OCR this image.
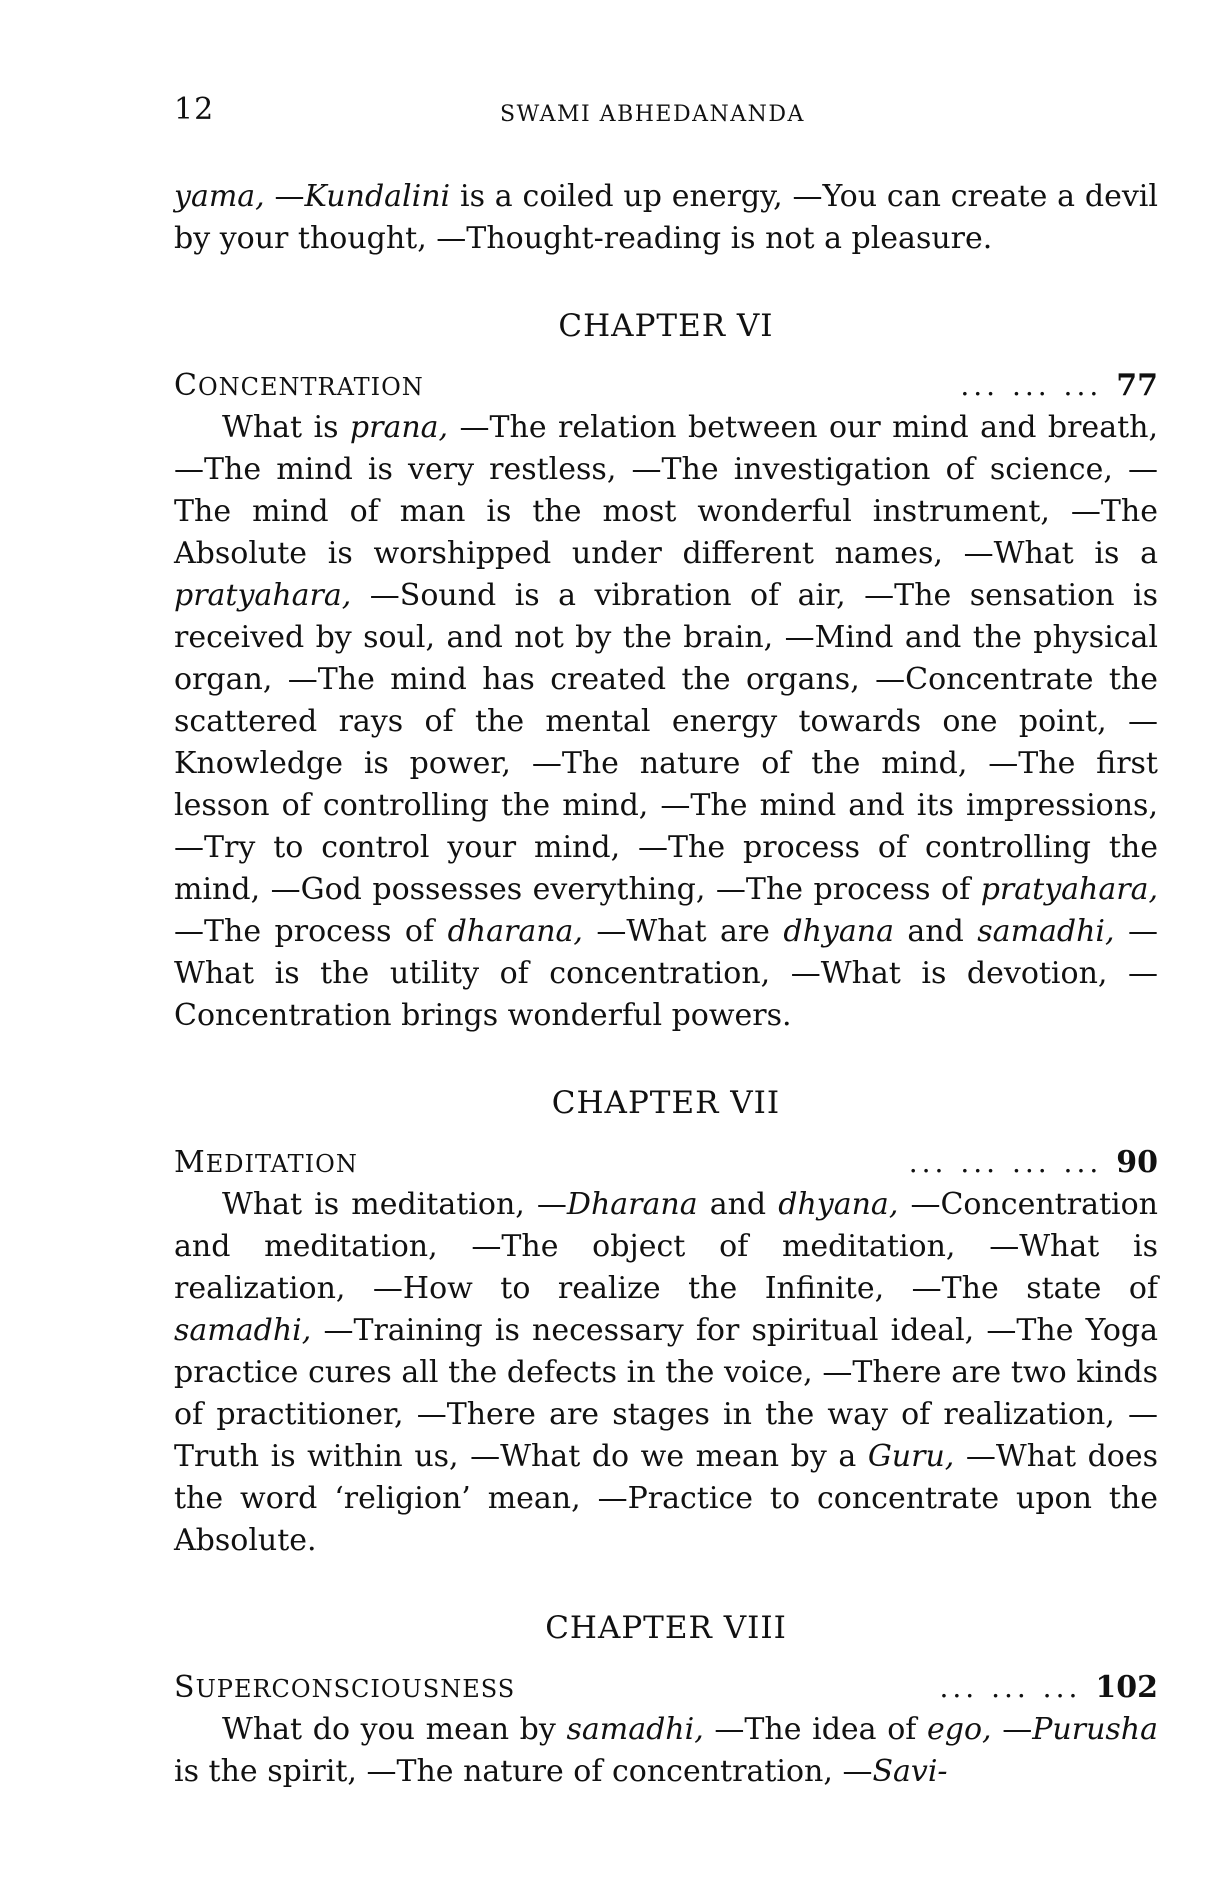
12	SWAMI ABHEDANANDA

yama, —Kundalini is a coiled up energy, —You can create a devil by your thought, —Thought-reading is not a pleasure.

CHAPTER VI
CONCENTRATION	... ... ... 77

What is prana, —The relation between our mind and breath, —The mind is very restless, —The investigation of science, —The mind of man is the most wonderful instrument, —The Absolute is worshipped under different names, —What is a pratyahara, —Sound is a vibration of air, —The sensation is received by soul, and not by the brain, —Mind and the physical organ, —The mind has created the organs, —Concentrate the scattered rays of the mental energy towards one point, —Knowledge is power, —The nature of the mind, —The first lesson of controlling the mind, —The mind and its impressions, —Try to control your mind, —The process of controlling the mind, —God possesses everything, —The process of pratyahara, —The process of dharana, —What are dhyana and samadhi, —What is the utility of concentration, —What is devotion, —Concentration brings wonderful powers.

CHAPTER VII
MEDITATION	... ... ... ... 90

What is meditation, —Dharana and dhyana, —Concentration and meditation, —The object of meditation, —What is realization, —How to realize the Infinite, —The state of samadhi, —Training is necessary for spiritual ideal, —The Yoga practice cures all the defects in the voice, —There are two kinds of practitioner, —There are stages in the way of realization, —Truth is within us, —What do we mean by a Guru, —What does the word ‘religion’ mean, —Practice to concentrate upon the Absolute.

CHAPTER VIII
SUPERCONSCIOUSNESS	... ... ... 102

What do you mean by samadhi, —The idea of ego, —Purusha is the spirit, —The nature of concentration, —Savi-
